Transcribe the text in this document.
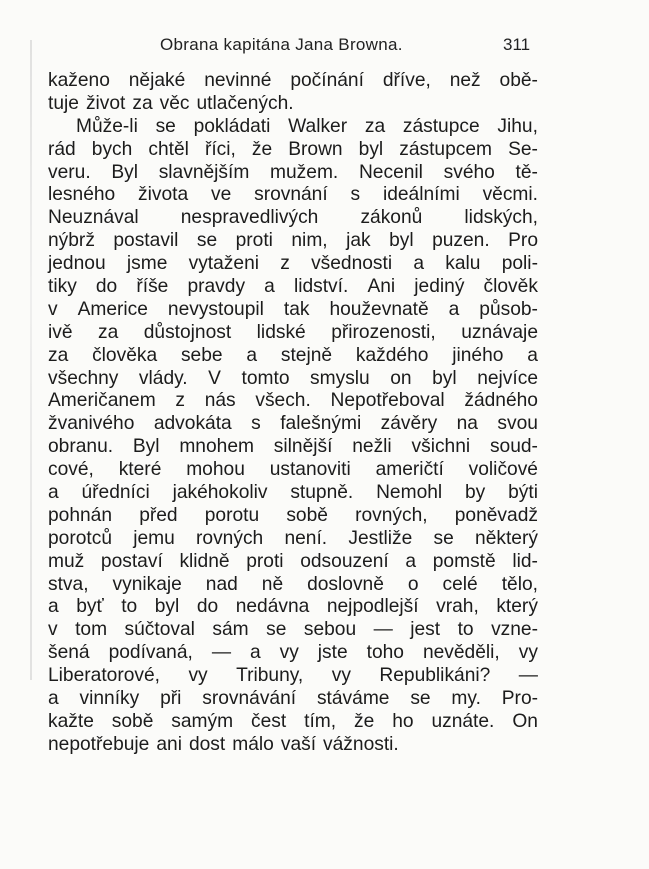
Obrana kapitána Jana Browna.	311
kaženo nějaké nevinné počínání dříve, než obě-
tuje život za věc utlačených.
Může-li se pokládati Walker za zástupce Jihu,
rád bych chtěl říci, že Brown byl zástupcem Se-
veru. Byl slavnějším mužem. Necenil svého tě-
lesného života ve srovnání s ideálními věcmi.
Neuznával nespravedlivých zákonů lidských,
nýbrž postavil se proti nim, jak byl puzen. Pro
jednou jsme vytaženi z všednosti a kalu poli-
tiky do říše pravdy a lidství. Ani jediný člověk
v Americe nevystoupil tak houževnatě a působ-
ivě za důstojnost lidské přirozenosti, uznávaje
za člověka sebe a stejně každého jiného a
všechny vlády. V tomto smyslu on byl nejvíce
Američanem z nás všech. Nepotřeboval žádného
žvanivého advokáta s falešnými závěry na svou
obranu. Byl mnohem silnější nežli všichni soud-
cové, které mohou ustanoviti američtí voličové
a úředníci jakéhokoliv stupně. Nemohl by býti
pohnán před porotu sobě rovných, poněvadž
porotců jemu rovných není. Jestliže se některý
muž postaví klidně proti odsouzení a pomstě lid-
stva, vynikaje nad ně doslovně o celé tělo,
a byť to byl do nedávna nejpodlejší vrah, který
v tom súčtoval sám se sebou — jest to vzne-
šená podívaná, — a vy jste toho nevěděli, vy
Liberatorové, vy Tribuny, vy Republikáni? —
a vinníky při srovnávání stáváme se my. Pro-
kažte sobě samým čest tím, že ho uznáte. On
nepotřebuje ani dost málo vaší vážnosti.
